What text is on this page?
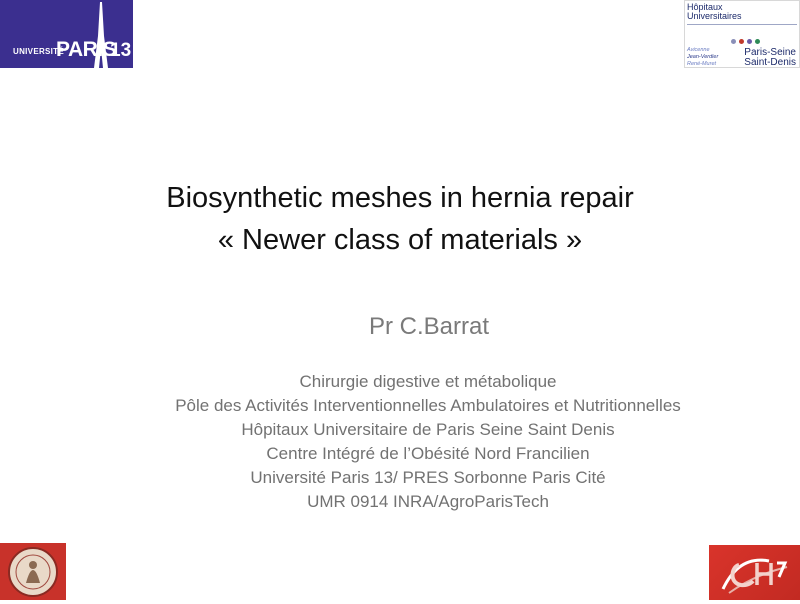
UNIVERSITÉ
PARIS
13
Hôpitaux
Universitaires
Avicenne
Jean-Verdier
René-Muret
Paris-Seine
Saint-Denis
Biosynthetic meshes in hernia repair
« Newer class of materials »
Pr C.Barrat
Chirurgie digestive et métabolique
Pôle des Activités Interventionnelles Ambulatoires et Nutritionnelles
Hôpitaux Universitaire de Paris Seine Saint Denis
Centre Intégré de l’Obésité Nord Francilien
Université Paris 13/ PRES Sorbonne Paris Cité
UMR 0914 INRA/AgroParisTech
